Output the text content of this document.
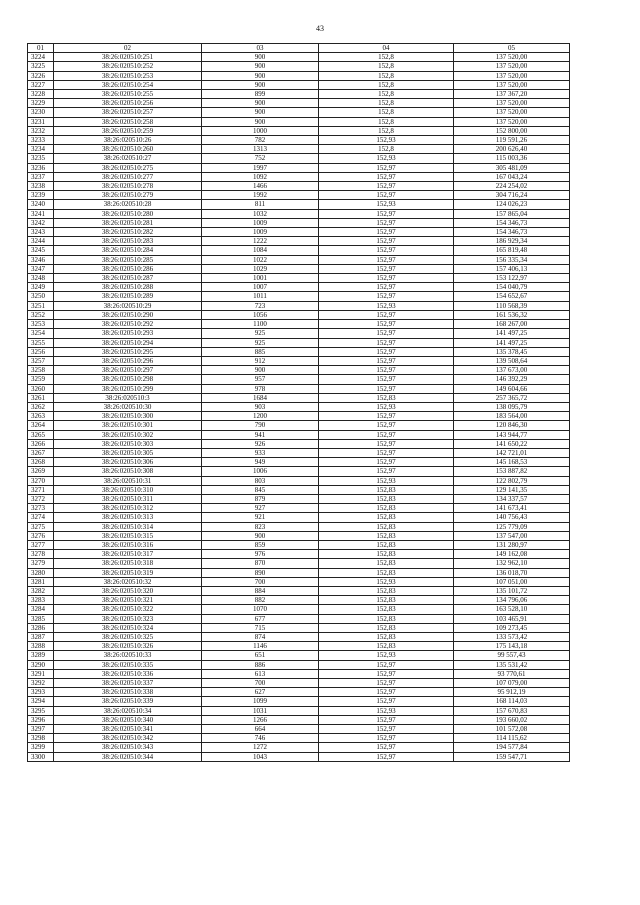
43
01	02	03	04	05
3224	38:26:020510:251	900	152,8	137 520,00
3225	38:26:020510:252	900	152,8	137 520,00
3226	38:26:020510:253	900	152,8	137 520,00
3227	38:26:020510:254	900	152,8	137 520,00
3228	38:26:020510:255	899	152,8	137 367,20
3229	38:26:020510:256	900	152,8	137 520,00
3230	38:26:020510:257	900	152,8	137 520,00
3231	38:26:020510:258	900	152,8	137 520,00
3232	38:26:020510:259	1000	152,8	152 800,00
3233	38:26:020510:26	782	152,93	119 591,26
3234	38:26:020510:260	1313	152,8	200 626,40
3235	38:26:020510:27	752	152,93	115 003,36
3236	38:26:020510:275	1997	152,97	305 481,09
3237	38:26:020510:277	1092	152,97	167 043,24
3238	38:26:020510:278	1466	152,97	224 254,02
3239	38:26:020510:279	1992	152,97	304 716,24
3240	38:26:020510:28	811	152,93	124 026,23
3241	38:26:020510:280	1032	152,97	157 865,04
3242	38:26:020510:281	1009	152,97	154 346,73
3243	38:26:020510:282	1009	152,97	154 346,73
3244	38:26:020510:283	1222	152,97	186 929,34
3245	38:26:020510:284	1084	152,97	165 819,48
3246	38:26:020510:285	1022	152,97	156 335,34
3247	38:26:020510:286	1029	152,97	157 406,13
3248	38:26:020510:287	1001	152,97	153 122,97
3249	38:26:020510:288	1007	152,97	154 040,79
3250	38:26:020510:289	1011	152,97	154 652,67
3251	38:26:020510:29	723	152,93	110 568,39
3252	38:26:020510:290	1056	152,97	161 536,32
3253	38:26:020510:292	1100	152,97	168 267,00
3254	38:26:020510:293	925	152,97	141 497,25
3255	38:26:020510:294	925	152,97	141 497,25
3256	38:26:020510:295	885	152,97	135 378,45
3257	38:26:020510:296	912	152,97	139 508,64
3258	38:26:020510:297	900	152,97	137 673,00
3259	38:26:020510:298	957	152,97	146 392,29
3260	38:26:020510:299	978	152,97	149 604,66
3261	38:26:020510:3	1684	152,83	257 365,72
3262	38:26:020510:30	903	152,93	138 095,79
3263	38:26:020510:300	1200	152,97	183 564,00
3264	38:26:020510:301	790	152,97	120 846,30
3265	38:26:020510:302	941	152,97	143 944,77
3266	38:26:020510:303	926	152,97	141 650,22
3267	38:26:020510:305	933	152,97	142 721,01
3268	38:26:020510:306	949	152,97	145 168,53
3269	38:26:020510:308	1006	152,97	153 887,82
3270	38:26:020510:31	803	152,93	122 802,79
3271	38:26:020510:310	845	152,83	129 141,35
3272	38:26:020510:311	879	152,83	134 337,57
3273	38:26:020510:312	927	152,83	141 673,41
3274	38:26:020510:313	921	152,83	140 756,43
3275	38:26:020510:314	823	152,83	125 779,09
3276	38:26:020510:315	900	152,83	137 547,00
3277	38:26:020510:316	859	152,83	131 280,97
3278	38:26:020510:317	976	152,83	149 162,08
3279	38:26:020510:318	870	152,83	132 962,10
3280	38:26:020510:319	890	152,83	136 018,70
3281	38:26:020510:32	700	152,93	107 051,00
3282	38:26:020510:320	884	152,83	135 101,72
3283	38:26:020510:321	882	152,83	134 796,06
3284	38:26:020510:322	1070	152,83	163 528,10
3285	38:26:020510:323	677	152,83	103 465,91
3286	38:26:020510:324	715	152,83	109 273,45
3287	38:26:020510:325	874	152,83	133 573,42
3288	38:26:020510:326	1146	152,83	175 143,18
3289	38:26:020510:33	651	152,93	99 557,43
3290	38:26:020510:335	886	152,97	135 531,42
3291	38:26:020510:336	613	152,97	93 770,61
3292	38:26:020510:337	700	152,97	107 079,00
3293	38:26:020510:338	627	152,97	95 912,19
3294	38:26:020510:339	1099	152,97	168 114,03
3295	38:26:020510:34	1031	152,93	157 670,83
3296	38:26:020510:340	1266	152,97	193 660,02
3297	38:26:020510:341	664	152,97	101 572,08
3298	38:26:020510:342	746	152,97	114 115,62
3299	38:26:020510:343	1272	152,97	194 577,84
3300	38:26:020510:344	1043	152,97	159 547,71
